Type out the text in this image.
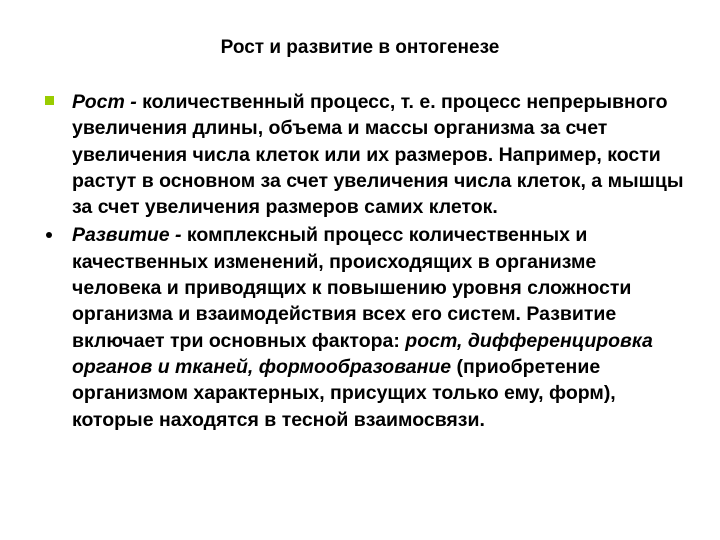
Рост и развитие в онтогенезе
Рост - количественный процесс, т. е. процесс непрерывного увеличения длины, объема и массы организма за счет увеличения числа клеток или их размеров. Например, кости растут в основном за счет увеличения числа клеток, а мышцы за счет увеличения размеров самих клеток.
Развитие - комплексный процесс количественных и качественных изменений, происходящих в организме человека и приводящих к повышению уровня сложности организма и взаимодействия всех его систем. Развитие включает три основных фактора: рост, дифференцировка органов и тканей, формообразование (приобретение организмом характерных, присущих только ему, форм), которые находятся в тесной взаимосвязи.
